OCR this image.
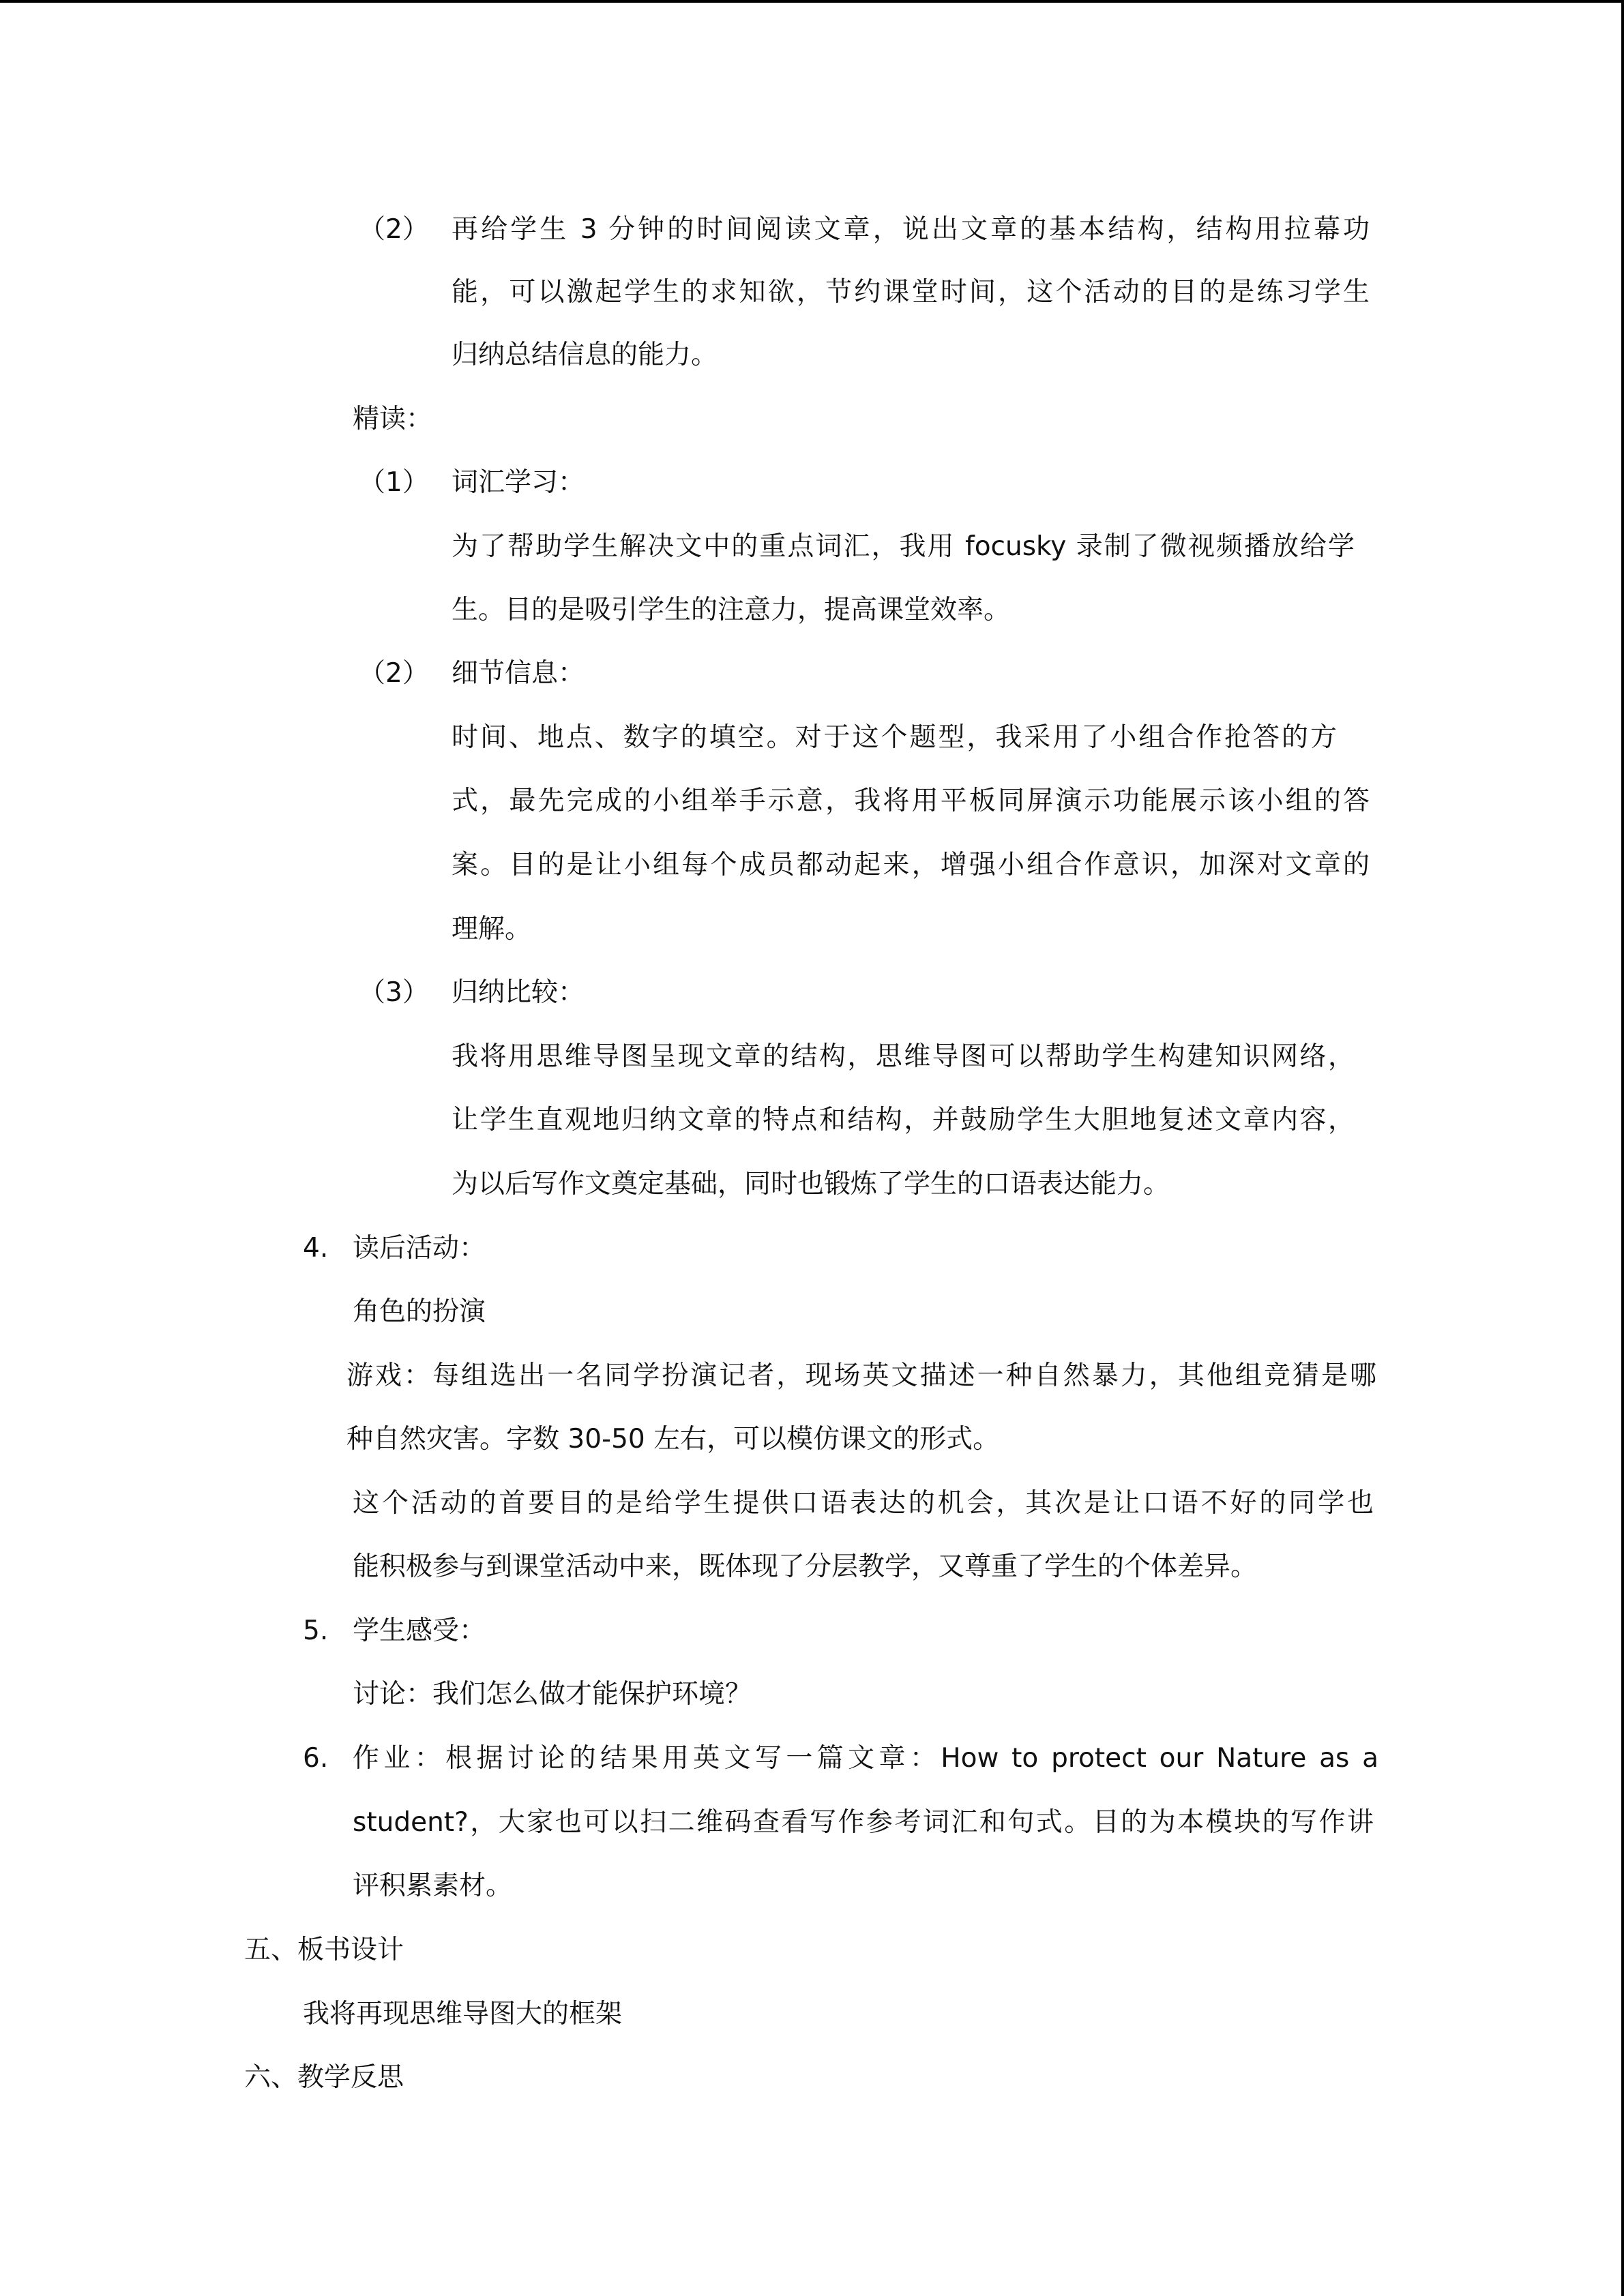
（2） 再给学生 3 分钟的时间阅读文章，说出文章的基本结构，结构用拉幕功
能，可以激起学生的求知欲，节约课堂时间，这个活动的目的是练习学生
归纳总结信息的能力。
精读：
（1） 词汇学习：
为了帮助学生解决文中的重点词汇，我用 focusky 录制了微视频播放给学
生。目的是吸引学生的注意力，提高课堂效率。
（2） 细节信息：
时间、地点、数字的填空。对于这个题型，我采用了小组合作抢答的方
式，最先完成的小组举手示意，我将用平板同屏演示功能展示该小组的答
案。目的是让小组每个成员都动起来，增强小组合作意识，加深对文章的
理解。
（3） 归纳比较：
我将用思维导图呈现文章的结构，思维导图可以帮助学生构建知识网络，
让学生直观地归纳文章的特点和结构，并鼓励学生大胆地复述文章内容，
为以后写作文奠定基础，同时也锻炼了学生的口语表达能力。
4. 读后活动：
角色的扮演
游戏：每组选出一名同学扮演记者，现场英文描述一种自然暴力，其他组竞猜是哪
种自然灾害。字数 30-50 左右，可以模仿课文的形式。
这个活动的首要目的是给学生提供口语表达的机会，其次是让口语不好的同学也
能积极参与到课堂活动中来，既体现了分层教学，又尊重了学生的个体差异。
5. 学生感受：
讨论：我们怎么做才能保护环境？
6. 作业：根据讨论的结果用英文写一篇文章：How to protect our Nature as a
student?，大家也可以扫二维码查看写作参考词汇和句式。目的为本模块的写作讲
评积累素材。
五、板书设计
我将再现思维导图大的框架
六、教学反思
